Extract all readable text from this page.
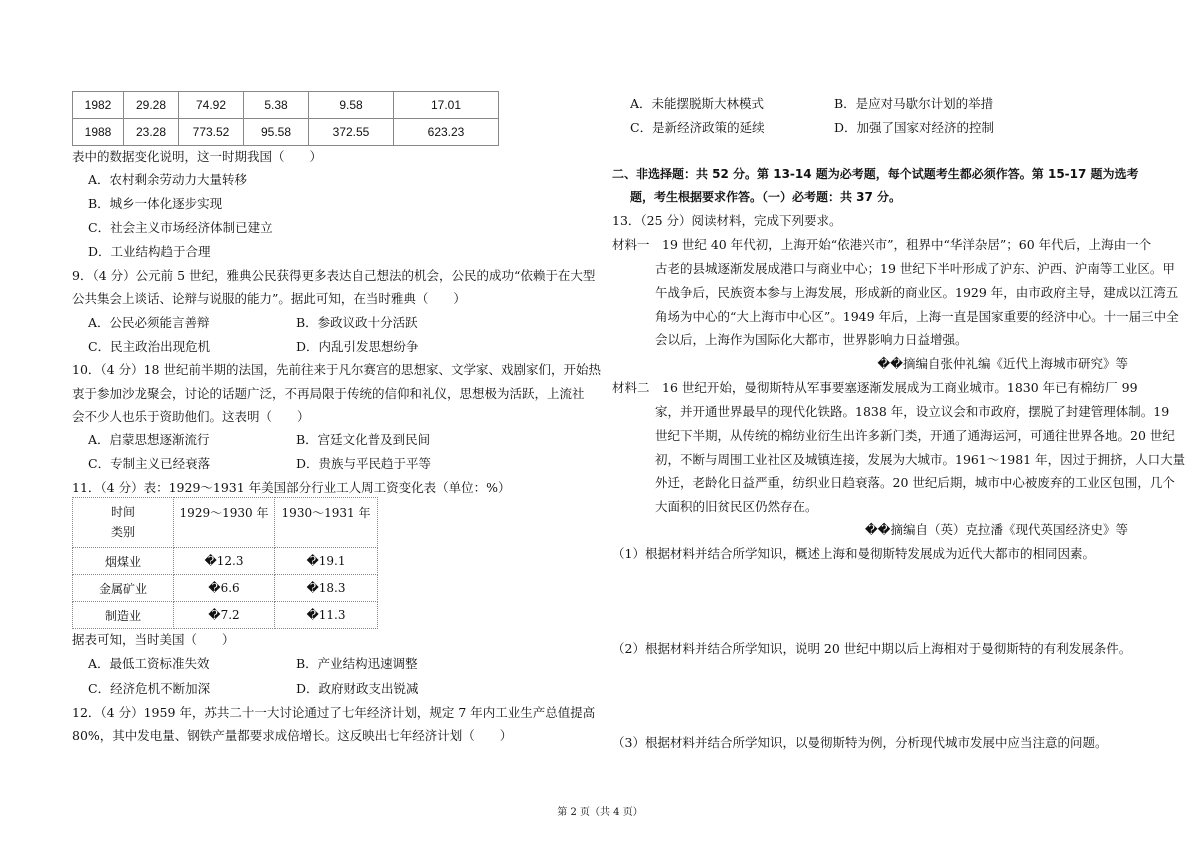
1982	29.28	74.92	5.38	9.58	17.01
1988	23.28	773.52	95.58	372.55	623.23
表中的数据变化说明，这一时期我国（　　）
A．农村剩余劳动力大量转移
B．城乡一体化逐步实现
C．社会主义市场经济体制已建立
D．工业结构趋于合理
9．（4 分）公元前 5 世纪，雅典公民获得更多表达自己想法的机会，公民的成功“依赖于在大型
公共集会上谈话、论辩与说服的能力”。据此可知，在当时雅典（　　）
A．公民必须能言善辩	B．参政议政十分活跃
C．民主政治出现危机	D．内乱引发思想纷争
10．（4 分）18 世纪前半期的法国，先前往来于凡尔赛宫的思想家、文学家、戏剧家们，开始热
衷于参加沙龙聚会，讨论的话题广泛，不再局限于传统的信仰和礼仪，思想极为活跃，上流社
会不少人也乐于资助他们。这表明（　　）
A．启蒙思想逐渐流行	B．宫廷文化普及到民间
C．专制主义已经衰落	D．贵族与平民趋于平等
11．（4 分）表：1929～1931 年美国部分行业工人周工资变化表（单位：%）
时间
类别	1929～1930 年	1930～1931 年
烟煤业	�12.3	�19.1
金属矿业	�6.6	�18.3
制造业	�7.2	�11.3
据表可知，当时美国（　　）
A．最低工资标准失效	B．产业结构迅速调整
C．经济危机不断加深	D．政府财政支出锐减
12．（4 分）1959 年，苏共二十一大讨论通过了七年经济计划，规定 7 年内工业生产总值提高
80%，其中发电量、钢铁产量都要求成倍增长。这反映出七年经济计划（　　）
A．未能摆脱斯大林模式	B．是应对马歇尔计划的举措
C．是新经济政策的延续	D．加强了国家对经济的控制
二、非选择题：共 52 分。第 13-14 题为必考题，每个试题考生都必须作答。第 15-17 题为选考
题，考生根据要求作答。（一）必考题：共 37 分。
13．（25 分）阅读材料，完成下列要求。
材料一　19 世纪 40 年代初，上海开始“依港兴市”，租界中“华洋杂居”；60 年代后，上海由一个
古老的县城逐渐发展成港口与商业中心；19 世纪下半叶形成了沪东、沪西、沪南等工业区。甲
午战争后，民族资本参与上海发展，形成新的商业区。1929 年，由市政府主导，建成以江湾五
角场为中心的“大上海市中心区”。1949 年后，上海一直是国家重要的经济中心。十一届三中全
会以后，上海作为国际化大都市，世界影响力日益增强。
��摘编自张仲礼编《近代上海城市研究》等
材料二　16 世纪开始，曼彻斯特从军事要塞逐渐发展成为工商业城市。1830 年已有棉纺厂 99
家，并开通世界最早的现代化铁路。1838 年，设立议会和市政府，摆脱了封建管理体制。19
世纪下半期，从传统的棉纺业衍生出许多新门类，开通了通海运河，可通往世界各地。20 世纪
初，不断与周围工业社区及城镇连接，发展为大城市。1961～1981 年，因过于拥挤，人口大量
外迁，老龄化日益严重，纺织业日趋衰落。20 世纪后期，城市中心被废弃的工业区包围，几个
大面积的旧贫民区仍然存在。
��摘编自（英）克拉潘《现代英国经济史》等
（1）根据材料并结合所学知识，概述上海和曼彻斯特发展成为近代大都市的相同因素。
（2）根据材料并结合所学知识，说明 20 世纪中期以后上海相对于曼彻斯特的有利发展条件。
（3）根据材料并结合所学知识，以曼彻斯特为例，分析现代城市发展中应当注意的问题。
第 2 页（共 4 页）
